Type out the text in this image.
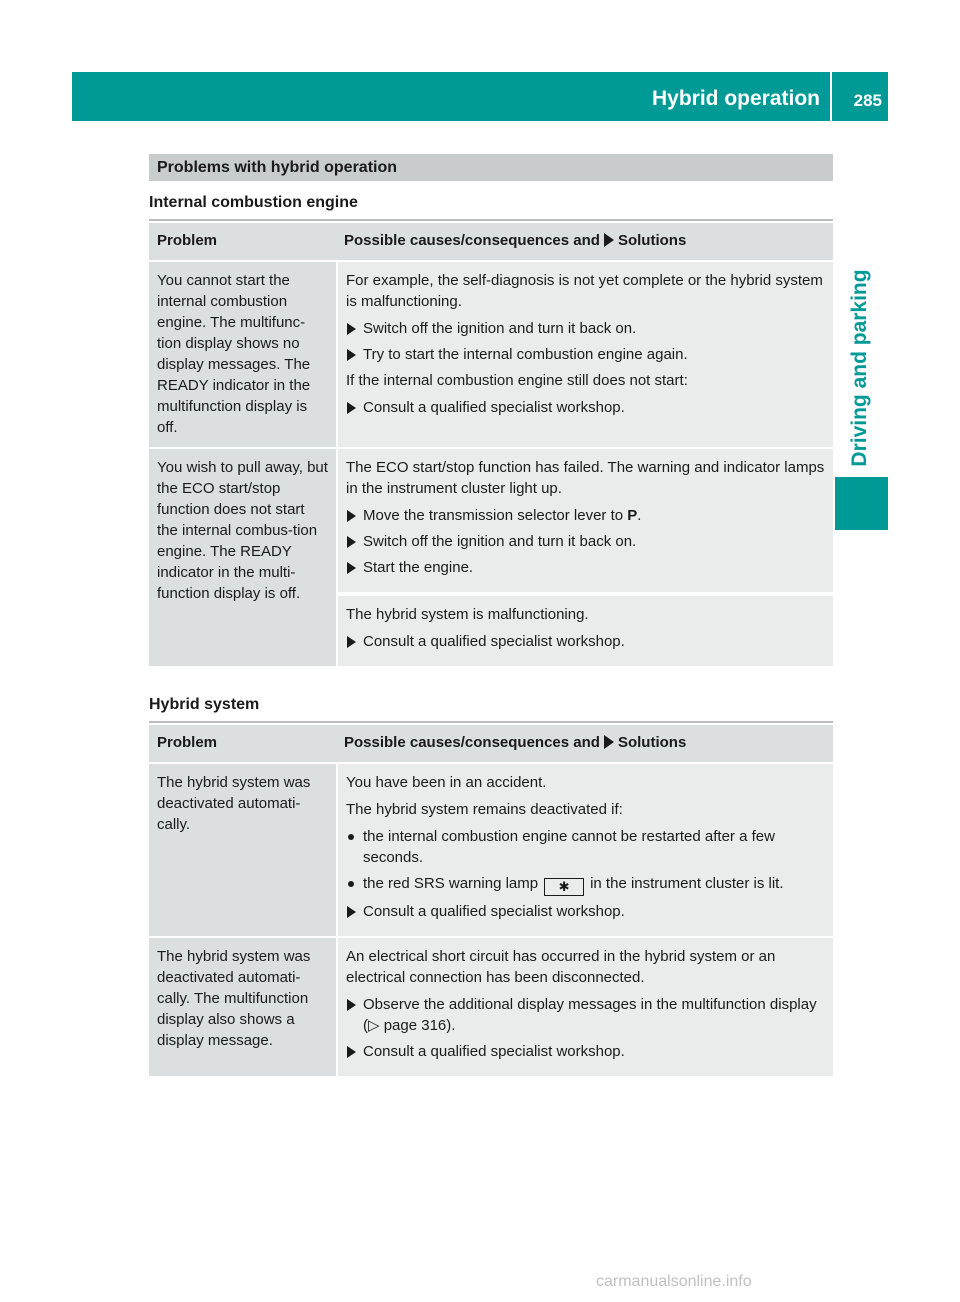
Hybrid operation 285
Driving and parking
Problems with hybrid operation
Internal combustion engine
Problem	Possible causes/consequences and Solutions
You cannot start the internal combustion engine. The multifunc-tion display shows no display messages. The READY indicator in the multifunction display is off.	For example, the self-diagnosis is not yet complete or the hybrid system is malfunctioning.
Switch off the ignition and turn it back on.
Try to start the internal combustion engine again.
If the internal combustion engine still does not start:
Consult a qualified specialist workshop.

You wish to pull away, but the ECO start/stop function does not start the internal combus-tion engine. The READY indicator in the multi-function display is off.	The ECO start/stop function has failed. The warning and indicator lamps in the instrument cluster light up.
Move the transmission selector lever to P.
Switch off the ignition and turn it back on.
Start the engine.

	The hybrid system is malfunctioning.
Consult a qualified specialist workshop.
Hybrid system
Problem	Possible causes/consequences and Solutions
The hybrid system was deactivated automati-cally.	You have been in an accident.
The hybrid system remains deactivated if:
the internal combustion engine cannot be restarted after a few seconds.
the red SRS warning lamp ✱ in the instrument cluster is lit.
Consult a qualified specialist workshop.

The hybrid system was deactivated automati-cally. The multifunction display also shows a display message.	An electrical short circuit has occurred in the hybrid system or an electrical connection has been disconnected.
Observe the additional display messages in the multifunction display (▷ page 316).
Consult a qualified specialist workshop.
carmanualsonline.info
